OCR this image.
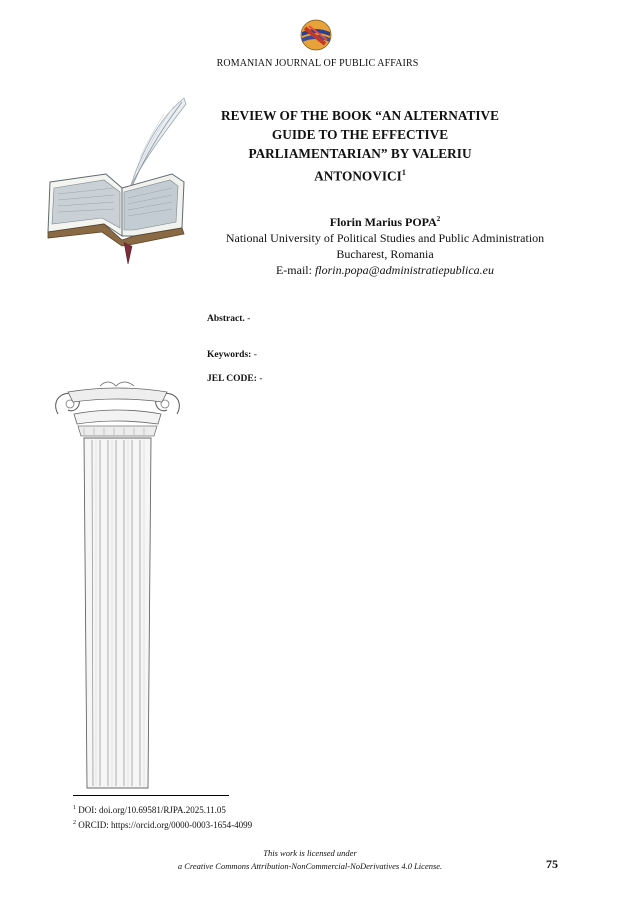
ROMANIAN JOURNAL OF PUBLIC AFFAIRS
REVIEW OF THE BOOK “AN ALTERNATIVE GUIDE TO THE EFFECTIVE PARLIAMENTARIAN” BY VALERIU ANTONOVICI$^1$
Florin Marius POPA$^2$
National University of Political Studies and Public Administration
Bucharest, Romania
E-mail: florin.popa@administratiepublica.eu
Abstract. -
Keywords: -
JEL CODE: -
$^1$ DOI: doi.org/10.69581/RJPA.2025.11.05
$^2$ ORCID: https://orcid.org/0000-0003-1654-4099
This work is licensed under
a Creative Commons Attribution-NonCommercial-NoDerivatives 4.0 License.	75
